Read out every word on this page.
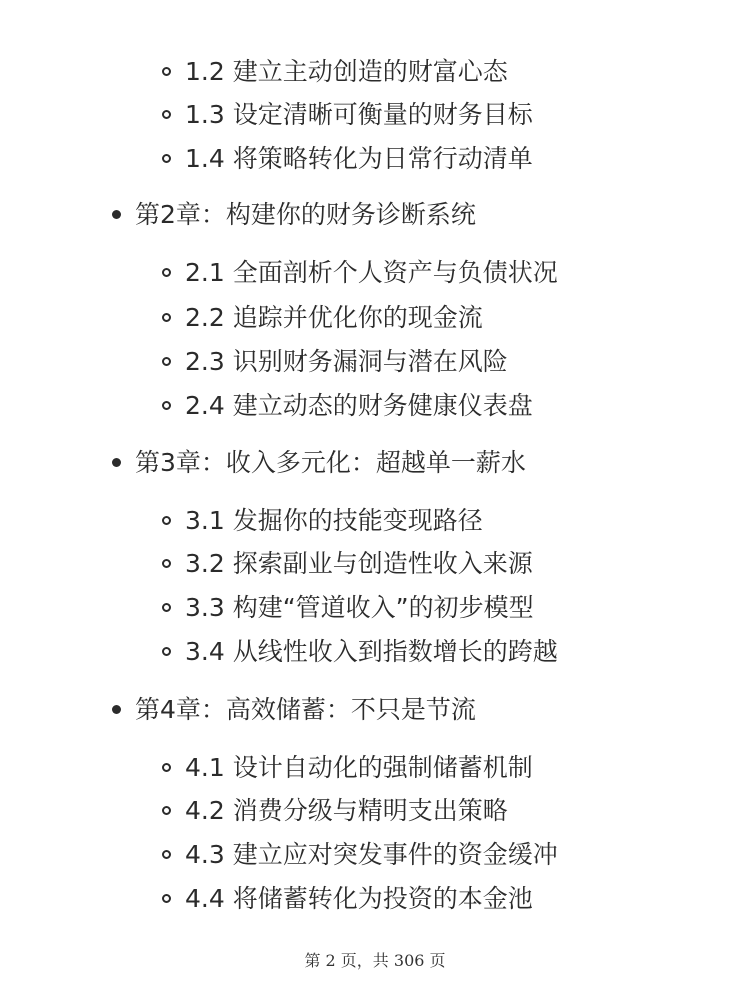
1.2 建立主动创造的财富心态
1.3 设定清晰可衡量的财务目标
1.4 将策略转化为日常行动清单
第2章：构建你的财务诊断系统
2.1 全面剖析个人资产与负债状况
2.2 追踪并优化你的现金流
2.3 识别财务漏洞与潜在风险
2.4 建立动态的财务健康仪表盘
第3章：收入多元化：超越单一薪水
3.1 发掘你的技能变现路径
3.2 探索副业与创造性收入来源
3.3 构建“管道收入”的初步模型
3.4 从线性收入到指数增长的跨越
第4章：高效储蓄：不只是节流
4.1 设计自动化的强制储蓄机制
4.2 消费分级与精明支出策略
4.3 建立应对突发事件的资金缓冲
4.4 将储蓄转化为投资的本金池
第 2 页，共 306 页
